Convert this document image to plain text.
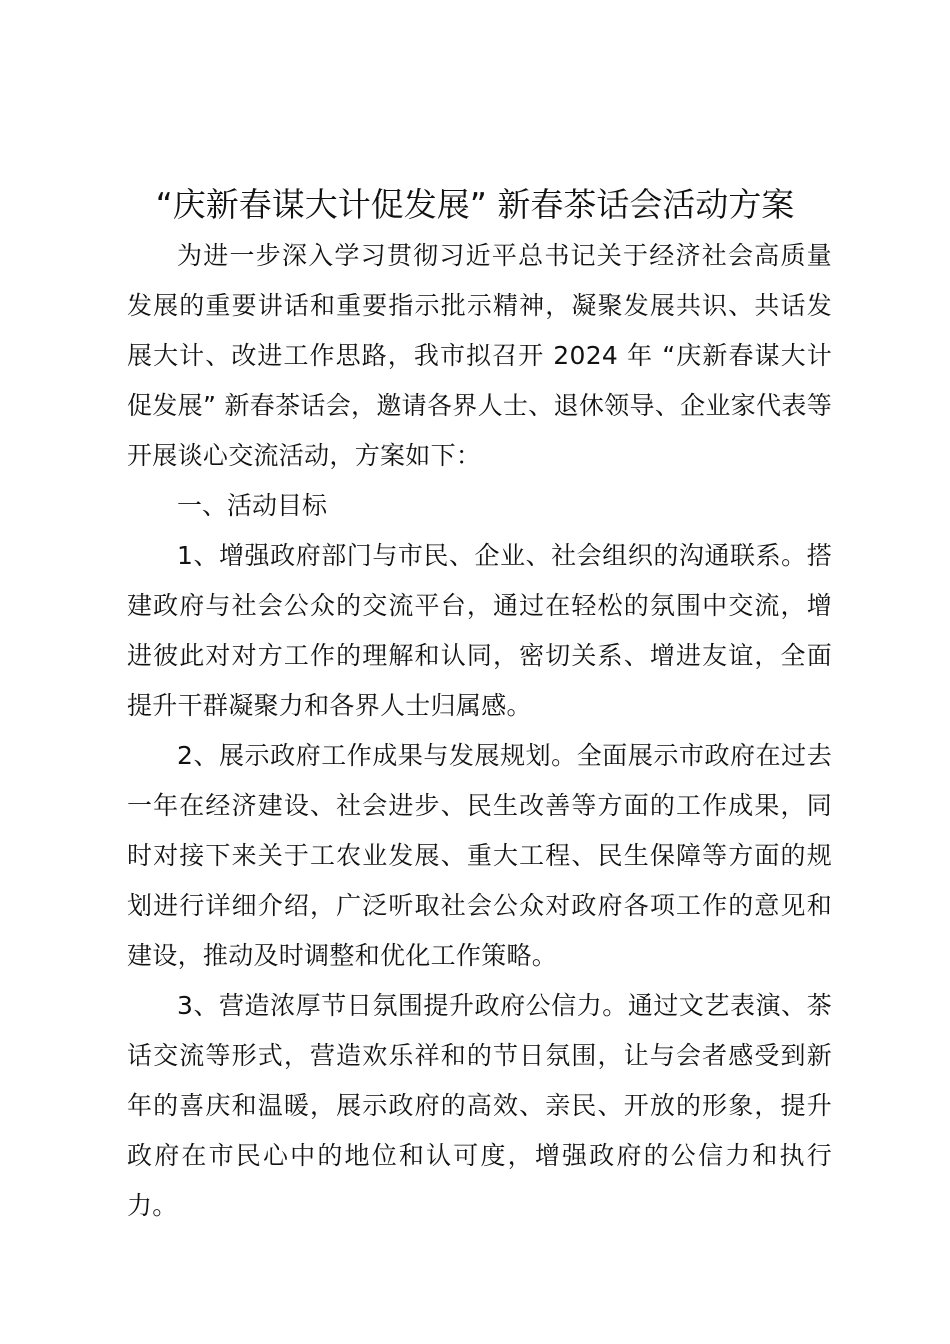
“庆新春谋大计促发展” 新春茶话会活动方案

为进一步深入学习贯彻习近平总书记关于经济社会高质量发展的重要讲话和重要指示批示精神，凝聚发展共识、共话发展大计、改进工作思路，我市拟召开 2024 年 “庆新春谋大计促发展” 新春茶话会，邀请各界人士、退休领导、企业家代表等开展谈心交流活动，方案如下：

一、活动目标

1、增强政府部门与市民、企业、社会组织的沟通联系。搭建政府与社会公众的交流平台，通过在轻松的氛围中交流，增进彼此对对方工作的理解和认同，密切关系、增进友谊，全面提升干群凝聚力和各界人士归属感。

2、展示政府工作成果与发展规划。全面展示市政府在过去一年在经济建设、社会进步、民生改善等方面的工作成果，同时对接下来关于工农业发展、重大工程、民生保障等方面的规划进行详细介绍，广泛听取社会公众对政府各项工作的意见和建设，推动及时调整和优化工作策略。

3、营造浓厚节日氛围提升政府公信力。通过文艺表演、茶话交流等形式，营造欢乐祥和的节日氛围，让与会者感受到新年的喜庆和温暖，展示政府的高效、亲民、开放的形象，提升政府在市民心中的地位和认可度，增强政府的公信力和执行力。
